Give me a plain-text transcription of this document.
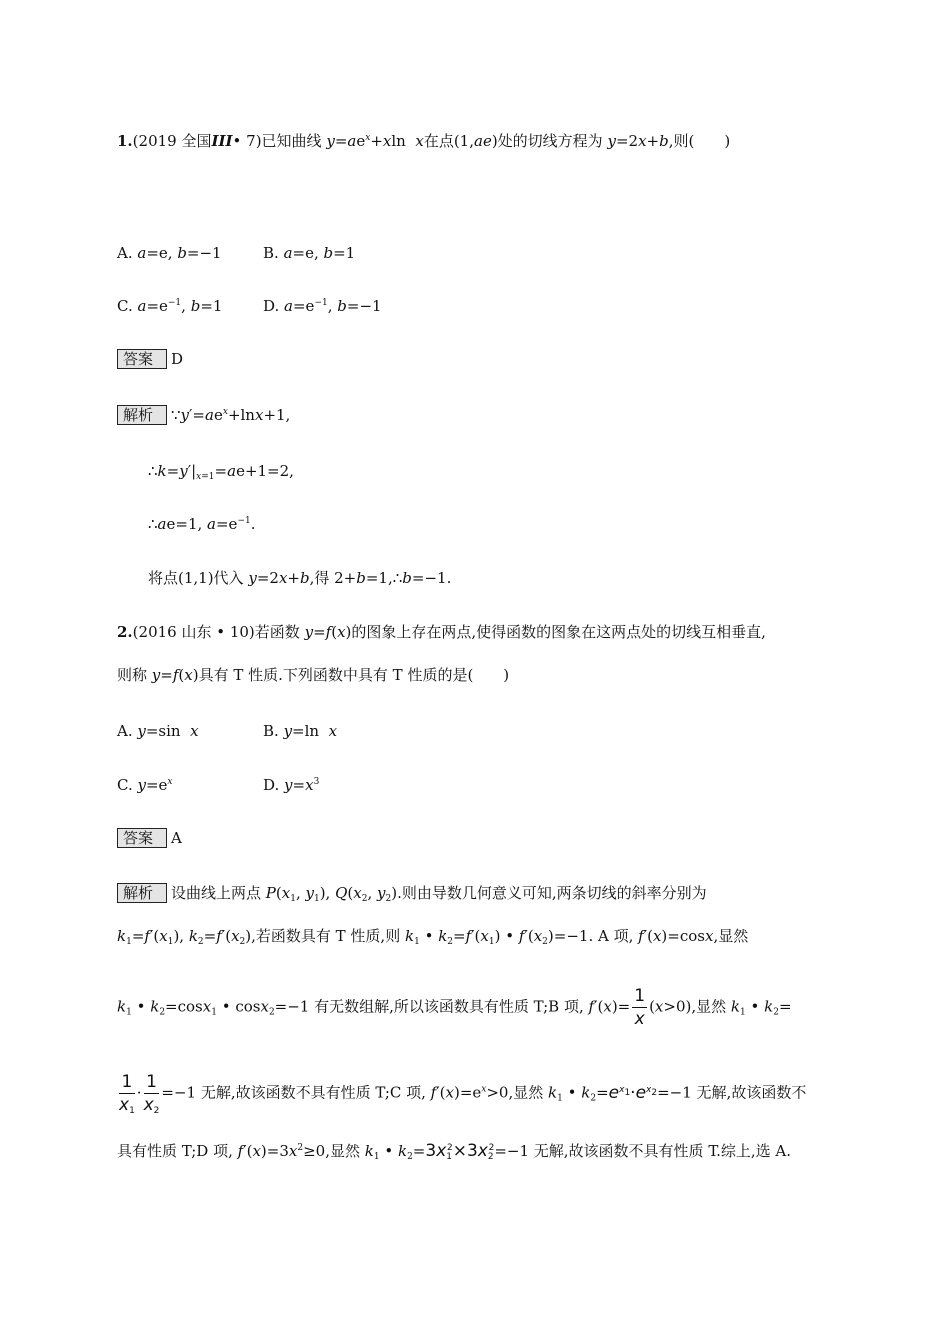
1.(2019 全国III• 7)已知曲线 $y=ae^x+xln$  x在点(1,ae)处的切线方程为 y=2x+b,则(　　)
A. a=e, b=−1	B. a=e, b=1
C. $a=e^{-1}$, b=1	D. $a=e^{-1}$, b=−1
答案 D
解析 $\because y'=ae^x+\ln x+1$,
$\therefore k=y'|_{x=1}=ae+1=2$,
∴ae=1, $a=e^{-1}$.
将点(1,1)代入 y=2x+b,得 2+b=1,∴b=−1.
2.(2016 山东 • 10)若函数 y=f(x)的图象上存在两点,使得函数的图象在这两点处的切线互相垂直,
则称 y=f(x)具有 T 性质.下列函数中具有 T 性质的是(　　)
A. y=sin  x	B. y=ln  x
C. $y=e^x$	D. $y=x^3$
答案 A
解析 设曲线上两点 $P(x_1$, $y_1$), $Q(x_2$, $y_2$).则由导数几何意义可知,两条切线的斜率分别为
$k_1=f'(x_1)$, $k_2=f'(x_2)$,若函数具有 T 性质,则 $k_1$ • $k_2=f'(x_1)$ • $f'(x_2)=-1$. A 项, f′(x)=cosx,显然
$k_1$ • $k_2=\cos x_1$ • cosx$_2$=−1 有无数组解,所以该函数具有性质 T;B 项, $f'(x)= \frac{1}{x} (x>0)$,显然 $k_1$ • $k_2=$
$\frac{1}{x_1} \cdot \frac{1}{x_2} =-1$ 无解,故该函数不具有性质 T;C 项, $f'(x)=e^x>0$,显然 $k_1$ • $k_2=e^{x_1}\cdot e^{x_2}=-1$ 无解,故该函数不
具有性质 T;D 项, $f'(x)=3x^2\ge 0$,显然 $k_1$ • $k_2=3x_1^2\times 3x_2^2=-1$ 无解,故该函数不具有性质 T.综上,选 A.
